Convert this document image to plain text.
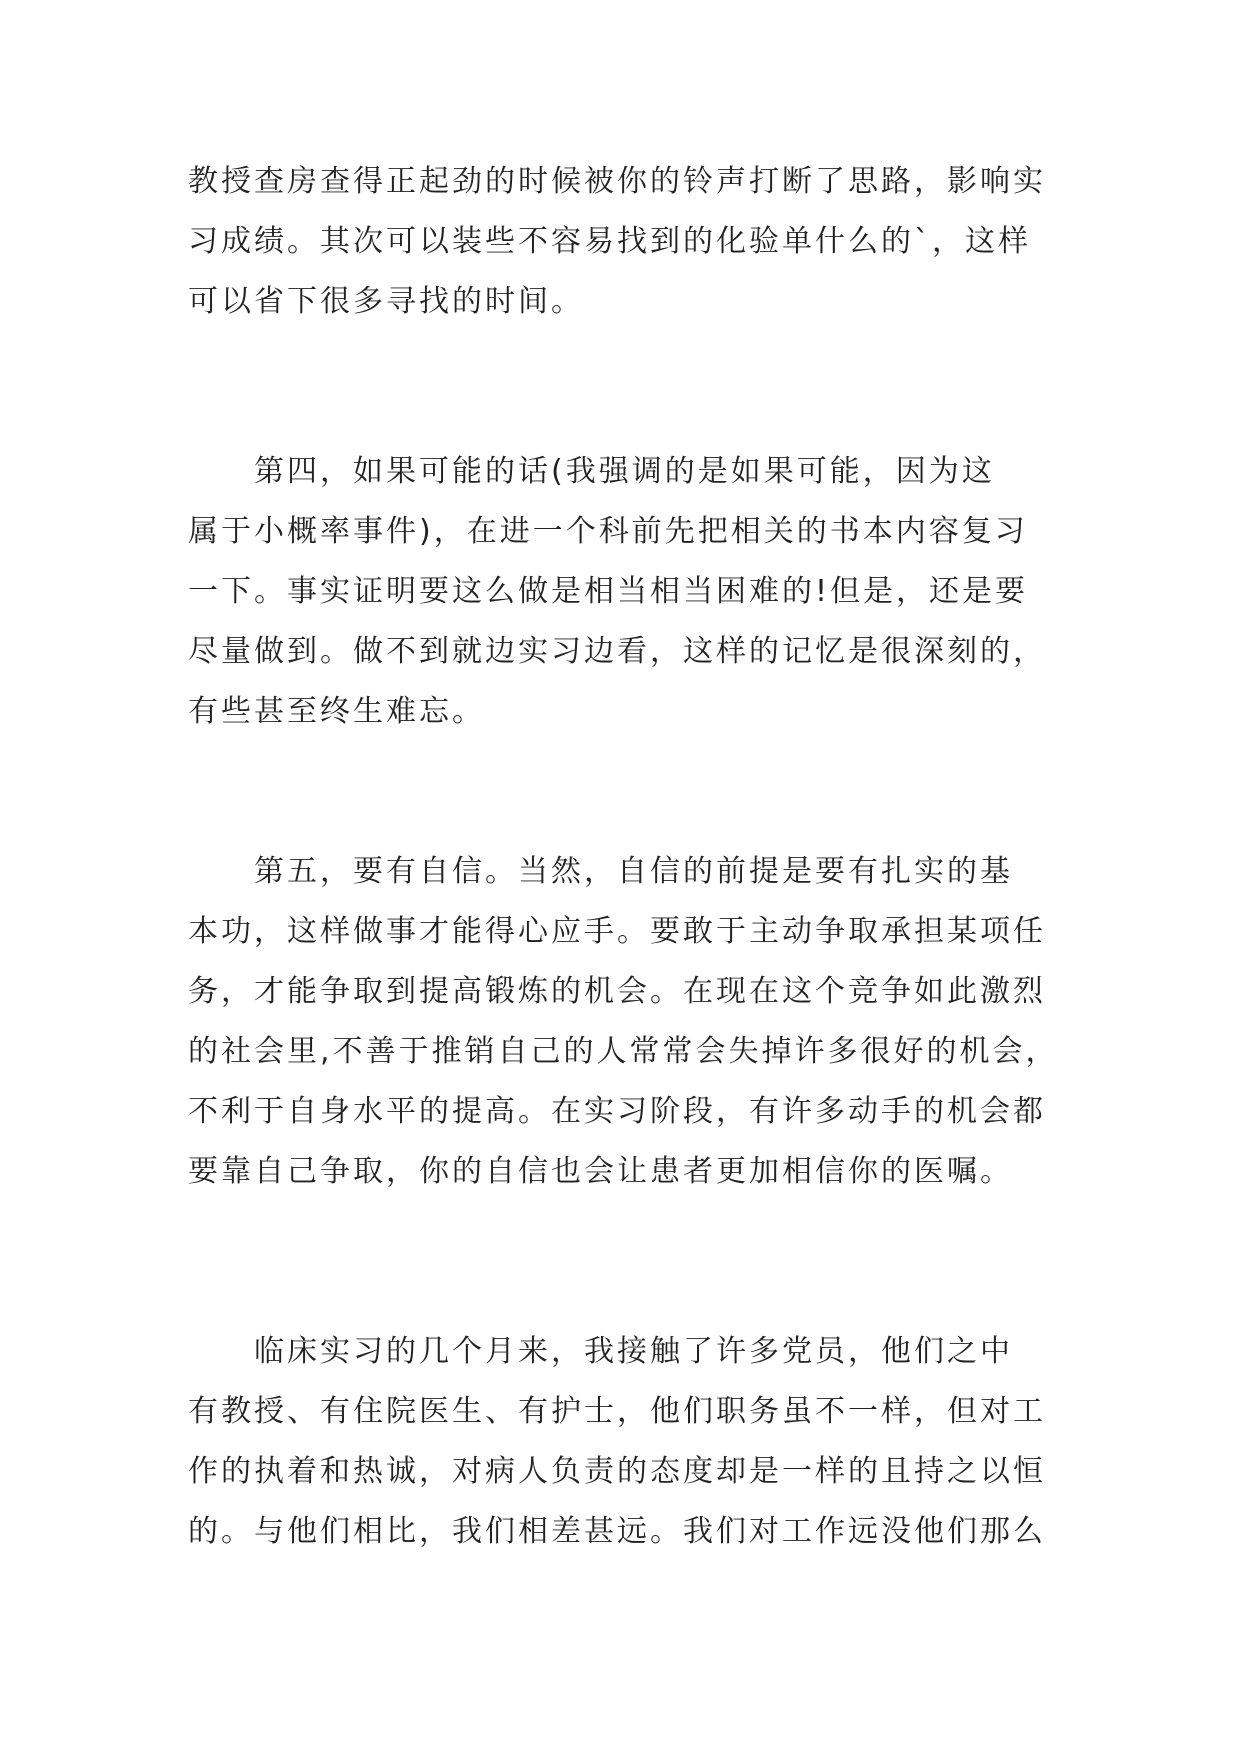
教授查房查得正起劲的时候被你的铃声打断了思路，影响实
习成绩。其次可以装些不容易找到的化验单什么的`，这样
可以省下很多寻找的时间。
　　第四，如果可能的话(我强调的是如果可能，因为这
属于小概率事件)，在进一个科前先把相关的书本内容复习
一下。事实证明要这么做是相当相当困难的!但是，还是要
尽量做到。做不到就边实习边看，这样的记忆是很深刻的，
有些甚至终生难忘。
　　第五，要有自信。当然，自信的前提是要有扎实的基
本功，这样做事才能得心应手。要敢于主动争取承担某项任
务，才能争取到提高锻炼的机会。在现在这个竞争如此激烈
的社会里,不善于推销自己的人常常会失掉许多很好的机会，
不利于自身水平的提高。在实习阶段，有许多动手的机会都
要靠自己争取，你的自信也会让患者更加相信你的医嘱。
　　临床实习的几个月来，我接触了许多党员，他们之中
有教授、有住院医生、有护士，他们职务虽不一样，但对工
作的执着和热诚，对病人负责的态度却是一样的且持之以恒
的。与他们相比，我们相差甚远。我们对工作远没他们那么
